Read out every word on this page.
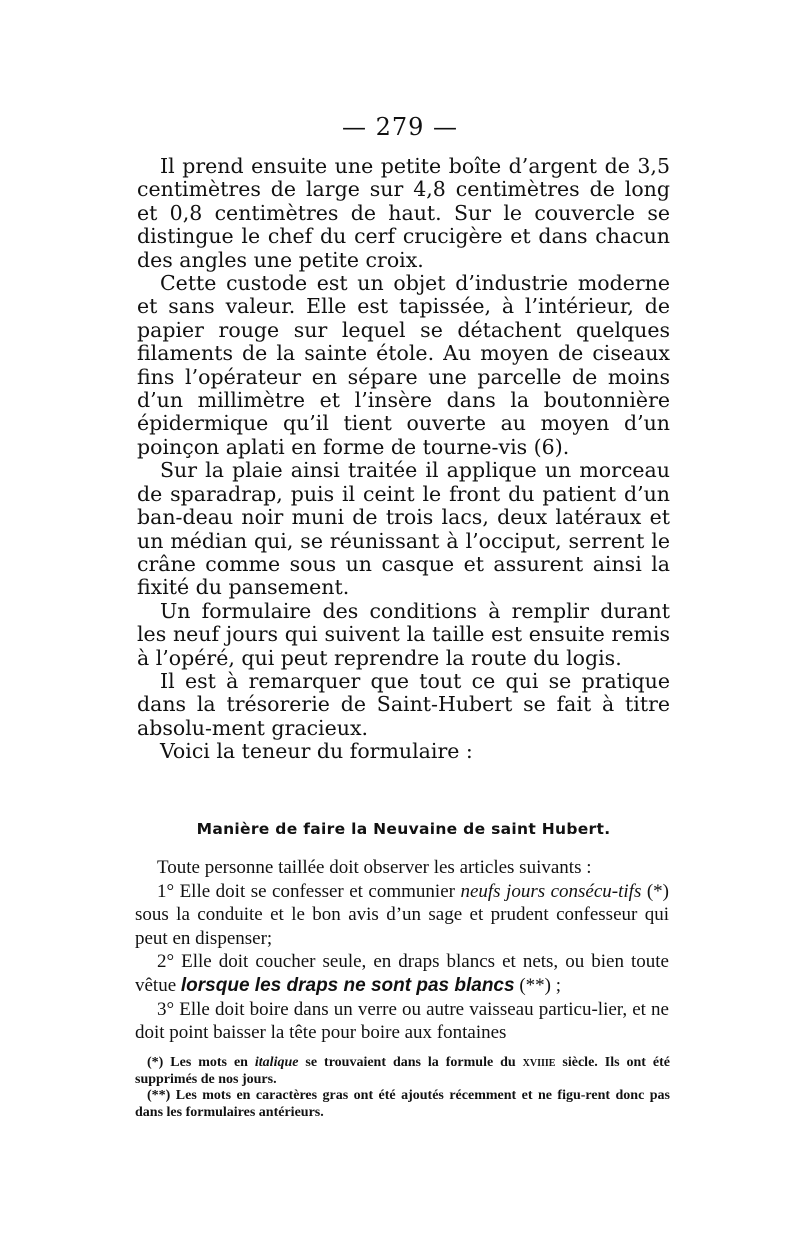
— 279 —

Il prend ensuite une petite boîte d’argent de 3,5 centimètres de large sur 4,8 centimètres de long et 0,8 centimètres de haut. Sur le couvercle se distingue le chef du cerf crucigère et dans chacun des angles une petite croix.

Cette custode est un objet d’industrie moderne et sans valeur. Elle est tapissée, à l’intérieur, de papier rouge sur lequel se détachent quelques filaments de la sainte étole. Au moyen de ciseaux fins l’opérateur en sépare une parcelle de moins d’un millimètre et l’insère dans la boutonnière épidermique qu’il tient ouverte au moyen d’un poinçon aplati en forme de tourne-vis (6).

Sur la plaie ainsi traitée il applique un morceau de sparadrap, puis il ceint le front du patient d’un ban-deau noir muni de trois lacs, deux latéraux et un médian qui, se réunissant à l’occiput, serrent le crâne comme sous un casque et assurent ainsi la fixité du pansement.

Un formulaire des conditions à remplir durant les neuf jours qui suivent la taille est ensuite remis à l’opéré, qui peut reprendre la route du logis.

Il est à remarquer que tout ce qui se pratique dans la trésorerie de Saint-Hubert se fait à titre absolu-ment gracieux.

Voici la teneur du formulaire :

Manière de faire la Neuvaine de saint Hubert.

Toute personne taillée doit observer les articles suivants :

1° Elle doit se confesser et communier neufs jours consécu-tifs (*) sous la conduite et le bon avis d’un sage et prudent confesseur qui peut en dispenser;

2° Elle doit coucher seule, en draps blancs et nets, ou bien toute vêtue lorsque les draps ne sont pas blancs (**) ;

3° Elle doit boire dans un verre ou autre vaisseau particu-lier, et ne doit point baisser la tête pour boire aux fontaines

(*) Les mots en italique se trouvaient dans la formule du xviiie siècle. Ils ont été supprimés de nos jours.

(**) Les mots en caractères gras ont été ajoutés récemment et ne figu-rent donc pas dans les formulaires antérieurs.
